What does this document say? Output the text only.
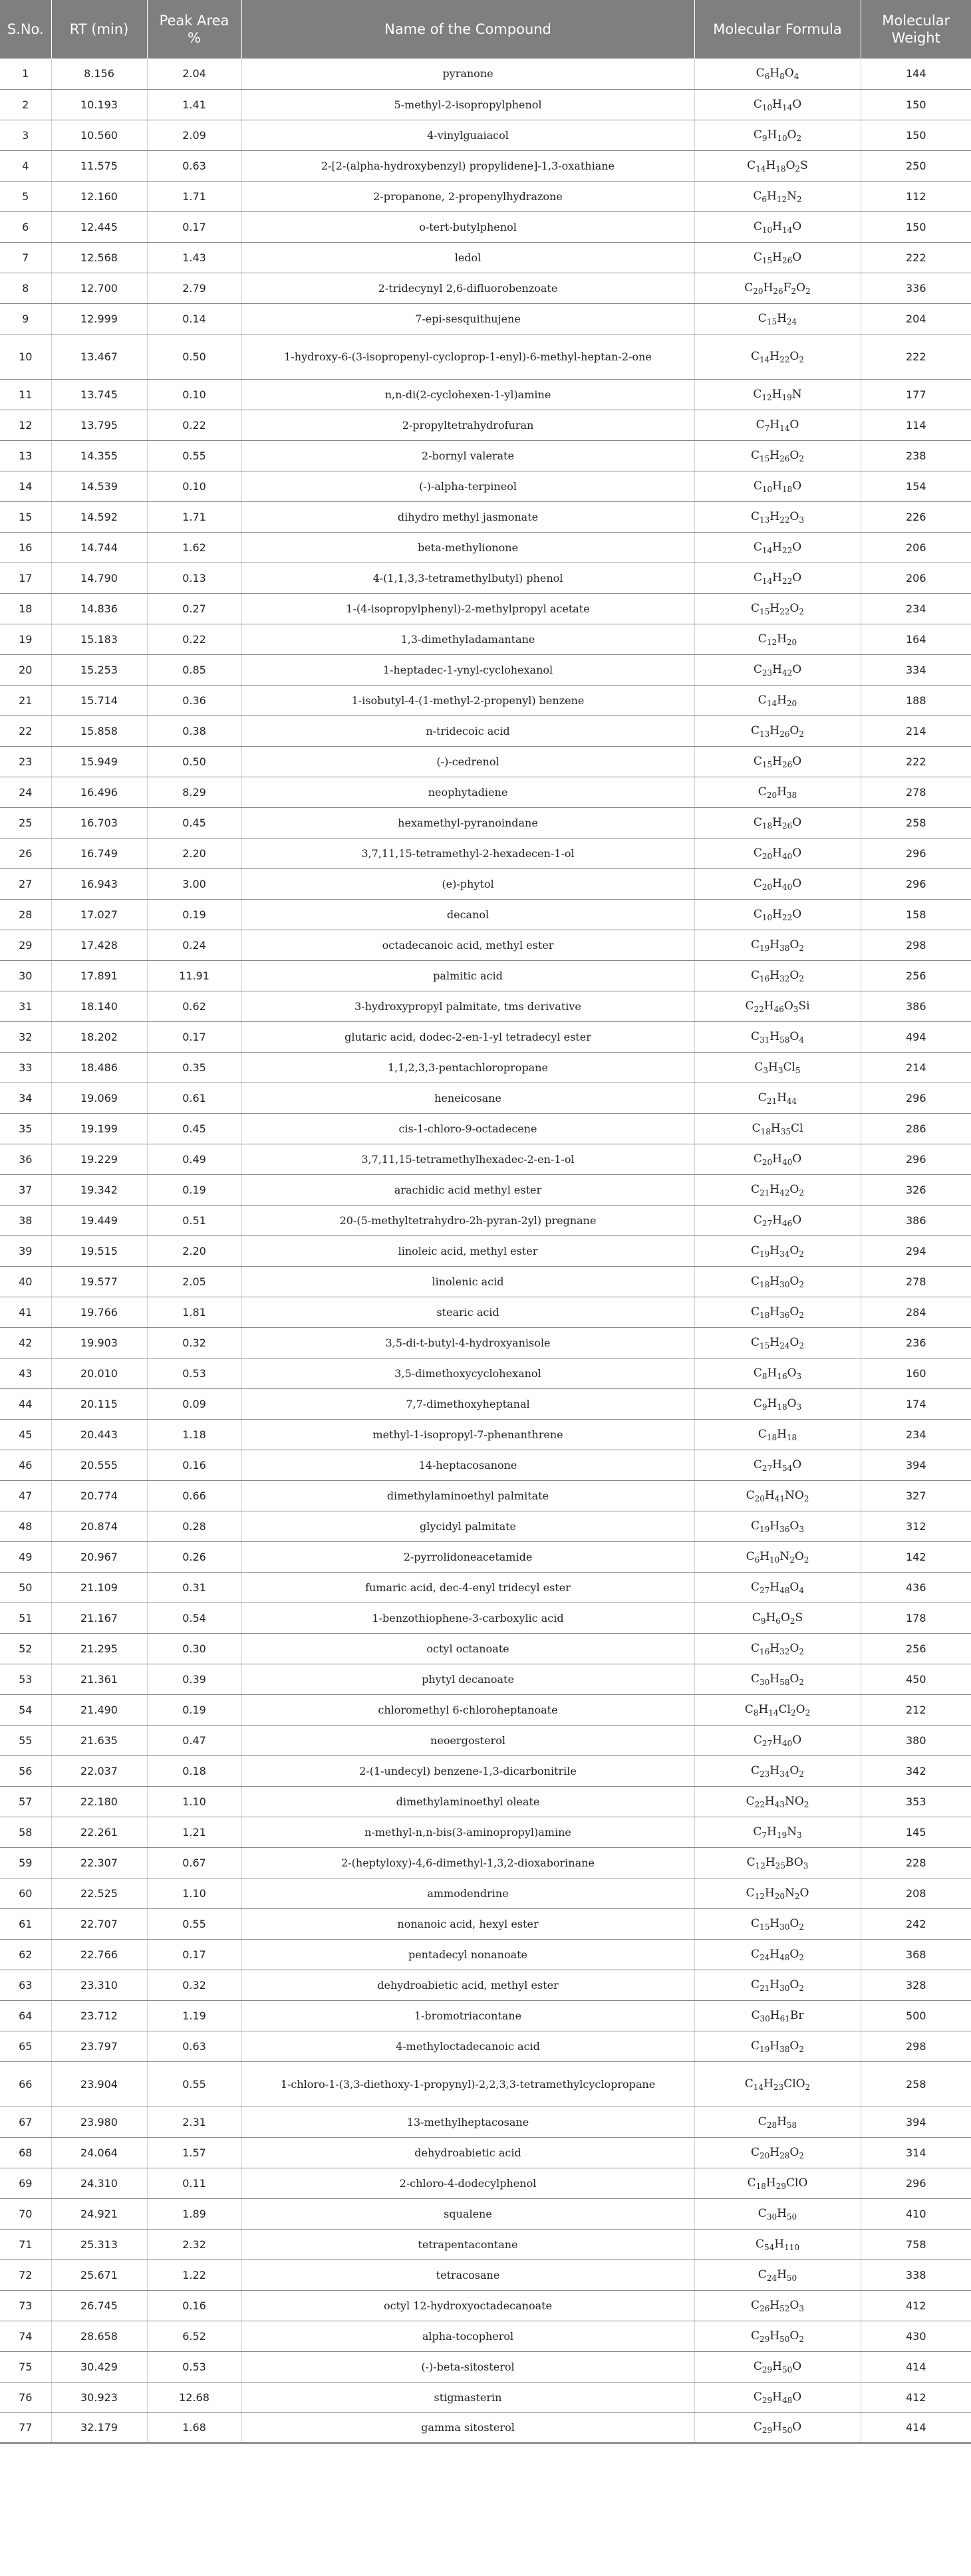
S.No.	RT (min)	Peak Area %	Name of the Compound	Molecular Formula	Molecular Weight
1	8.156	2.04	pyranone	$C_6H_8O_4$	144
2	10.193	1.41	5-methyl-2-isopropylphenol	$C_{10}H_{14}O$	150
3	10.560	2.09	4-vinylguaiacol	$C_9H_{10}O_2$	150
4	11.575	0.63	2-[2-(alpha-hydroxybenzyl) propylidene]-1,3-oxathiane	$C_{14}H_{18}O_2S$	250
5	12.160	1.71	2-propanone, 2-propenylhydrazone	$C_6H_{12}N_2$	112
6	12.445	0.17	o-tert-butylphenol	$C_{10}H_{14}O$	150
7	12.568	1.43	ledol	$C_{15}H_{26}O$	222
8	12.700	2.79	2-tridecynyl 2,6-difluorobenzoate	$C_{20}H_{26}F_2O_2$	336
9	12.999	0.14	7-epi-sesquithujene	$C_{15}H_{24}$	204
10	13.467	0.50	1-hydroxy-6-(3-isopropenyl-cycloprop-1-enyl)-6-methyl-heptan-2-one	$C_{14}H_{22}O_2$	222
11	13.745	0.10	n,n-di(2-cyclohexen-1-yl)amine	$C_{12}H_{19}N$	177
12	13.795	0.22	2-propyltetrahydrofuran	$C_7H_{14}O$	114
13	14.355	0.55	2-bornyl valerate	$C_{15}H_{26}O_2$	238
14	14.539	0.10	(-)-alpha-terpineol	$C_{10}H_{18}O$	154
15	14.592	1.71	dihydro methyl jasmonate	$C_{13}H_{22}O_3$	226
16	14.744	1.62	beta-methylionone	$C_{14}H_{22}O$	206
17	14.790	0.13	4-(1,1,3,3-tetramethylbutyl) phenol	$C_{14}H_{22}O$	206
18	14.836	0.27	1-(4-isopropylphenyl)-2-methylpropyl acetate	$C_{15}H_{22}O_2$	234
19	15.183	0.22	1,3-dimethyladamantane	$C_{12}H_{20}$	164
20	15.253	0.85	1-heptadec-1-ynyl-cyclohexanol	$C_{23}H_{42}O$	334
21	15.714	0.36	1-isobutyl-4-(1-methyl-2-propenyl) benzene	$C_{14}H_{20}$	188
22	15.858	0.38	n-tridecoic acid	$C_{13}H_{26}O_2$	214
23	15.949	0.50	(-)-cedrenol	$C_{15}H_{26}O$	222
24	16.496	8.29	neophytadiene	$C_{20}H_{38}$	278
25	16.703	0.45	hexamethyl-pyranoindane	$C_{18}H_{26}O$	258
26	16.749	2.20	3,7,11,15-tetramethyl-2-hexadecen-1-ol	$C_{20}H_{40}O$	296
27	16.943	3.00	(e)-phytol	$C_{20}H_{40}O$	296
28	17.027	0.19	decanol	$C_{10}H_{22}O$	158
29	17.428	0.24	octadecanoic acid, methyl ester	$C_{19}H_{38}O_2$	298
30	17.891	11.91	palmitic acid	$C_{16}H_{32}O_2$	256
31	18.140	0.62	3-hydroxypropyl palmitate, tms derivative	$C_{22}H_{46}O_3Si$	386
32	18.202	0.17	glutaric acid, dodec-2-en-1-yl tetradecyl ester	$C_{31}H_{58}O_4$	494
33	18.486	0.35	1,1,2,3,3-pentachloropropane	$C_3H_3Cl_5$	214
34	19.069	0.61	heneicosane	$C_{21}H_{44}$	296
35	19.199	0.45	cis-1-chloro-9-octadecene	$C_{18}H_{35}Cl$	286
36	19.229	0.49	3,7,11,15-tetramethylhexadec-2-en-1-ol	$C_{20}H_{40}O$	296
37	19.342	0.19	arachidic acid methyl ester	$C_{21}H_{42}O_2$	326
38	19.449	0.51	20-(5-methyltetrahydro-2h-pyran-2yl) pregnane	$C_{27}H_{46}O$	386
39	19.515	2.20	linoleic acid, methyl ester	$C_{19}H_{34}O_2$	294
40	19.577	2.05	linolenic acid	$C_{18}H_{30}O_2$	278
41	19.766	1.81	stearic acid	$C_{18}H_{36}O_2$	284
42	19.903	0.32	3,5-di-t-butyl-4-hydroxyanisole	$C_{15}H_{24}O_2$	236
43	20.010	0.53	3,5-dimethoxycyclohexanol	$C_8H_{16}O_3$	160
44	20.115	0.09	7,7-dimethoxyheptanal	$C_9H_{18}O_3$	174
45	20.443	1.18	methyl-1-isopropyl-7-phenanthrene	$C_{18}H_{18}$	234
46	20.555	0.16	14-heptacosanone	$C_{27}H_{54}O$	394
47	20.774	0.66	dimethylaminoethyl palmitate	$C_{20}H_{41}NO_2$	327
48	20.874	0.28	glycidyl palmitate	$C_{19}H_{36}O_3$	312
49	20.967	0.26	2-pyrrolidoneacetamide	$C_6H_{10}N_2O_2$	142
50	21.109	0.31	fumaric acid, dec-4-enyl tridecyl ester	$C_{27}H_{48}O_4$	436
51	21.167	0.54	1-benzothiophene-3-carboxylic acid	$C_9H_6O_2S$	178
52	21.295	0.30	octyl octanoate	$C_{16}H_{32}O_2$	256
53	21.361	0.39	phytyl decanoate	$C_{30}H_{58}O_2$	450
54	21.490	0.19	chloromethyl 6-chloroheptanoate	$C_8H_{14}Cl_2O_2$	212
55	21.635	0.47	neoergosterol	$C_{27}H_{40}O$	380
56	22.037	0.18	2-(1-undecyl) benzene-1,3-dicarbonitrile	$C_{23}H_{34}O_2$	342
57	22.180	1.10	dimethylaminoethyl oleate	$C_{22}H_{43}NO_2$	353
58	22.261	1.21	n-methyl-n,n-bis(3-aminopropyl)amine	$C_7H_{19}N_3$	145
59	22.307	0.67	2-(heptyloxy)-4,6-dimethyl-1,3,2-dioxaborinane	$C_{12}H_{25}BO_3$	228
60	22.525	1.10	ammodendrine	$C_{12}H_{20}N_2O$	208
61	22.707	0.55	nonanoic acid, hexyl ester	$C_{15}H_{30}O_2$	242
62	22.766	0.17	pentadecyl nonanoate	$C_{24}H_{48}O_2$	368
63	23.310	0.32	dehydroabietic acid, methyl ester	$C_{21}H_{30}O_2$	328
64	23.712	1.19	1-bromotriacontane	$C_{30}H_{61}Br$	500
65	23.797	0.63	4-methyloctadecanoic acid	$C_{19}H_{38}O_2$	298
66	23.904	0.55	1-chloro-1-(3,3-diethoxy-1-propynyl)-2,2,3,3-tetramethylcyclopropane	$C_{14}H_{23}ClO_2$	258
67	23.980	2.31	13-methylheptacosane	$C_{28}H_{58}$	394
68	24.064	1.57	dehydroabietic acid	$C_{20}H_{28}O_2$	314
69	24.310	0.11	2-chloro-4-dodecylphenol	$C_{18}H_{29}ClO$	296
70	24.921	1.89	squalene	$C_{30}H_{50}$	410
71	25.313	2.32	tetrapentacontane	$C_{54}H_{110}$	758
72	25.671	1.22	tetracosane	$C_{24}H_{50}$	338
73	26.745	0.16	octyl 12-hydroxyoctadecanoate	$C_{26}H_{52}O_3$	412
74	28.658	6.52	alpha-tocopherol	$C_{29}H_{50}O_2$	430
75	30.429	0.53	(-)-beta-sitosterol	$C_{29}H_{50}O$	414
76	30.923	12.68	stigmasterin	$C_{29}H_{48}O$	412
77	32.179	1.68	gamma sitosterol	$C_{29}H_{50}O$	414
